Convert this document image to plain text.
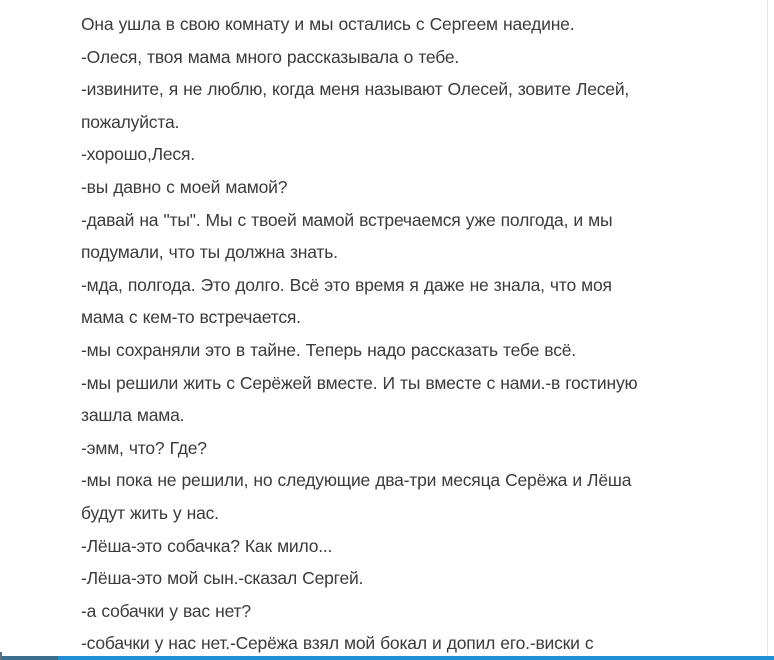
Она ушла в свою комнату и мы остались с Сергеем наедине.
-Олеся, твоя мама много рассказывала о тебе.
-извините, я не люблю, когда меня называют Олесей, зовите Лесей,
пожалуйста.
-хорошо,Леся.
-вы давно с моей мамой?
-давай на "ты". Мы с твоей мамой встречаемся уже полгода, и мы
подумали, что ты должна знать.
-мда, полгода. Это долго. Всё это время я даже не знала, что моя
мама с кем-то встречается.
-мы сохраняли это в тайне. Теперь надо рассказать тебе всё.
-мы решили жить с Серёжей вместе. И ты вместе с нами.-в гостиную
зашла мама.
-эмм, что? Где?
-мы пока не решили, но следующие два-три месяца Серёжа и Лёша
будут жить у нас.
-Лёша-это собачка? Как мило...
-Лёша-это мой сын.-сказал Сергей.
-а собачки у вас нет?
-собачки у нас нет.-Серёжа взял мой бокал и допил его.-виски с
